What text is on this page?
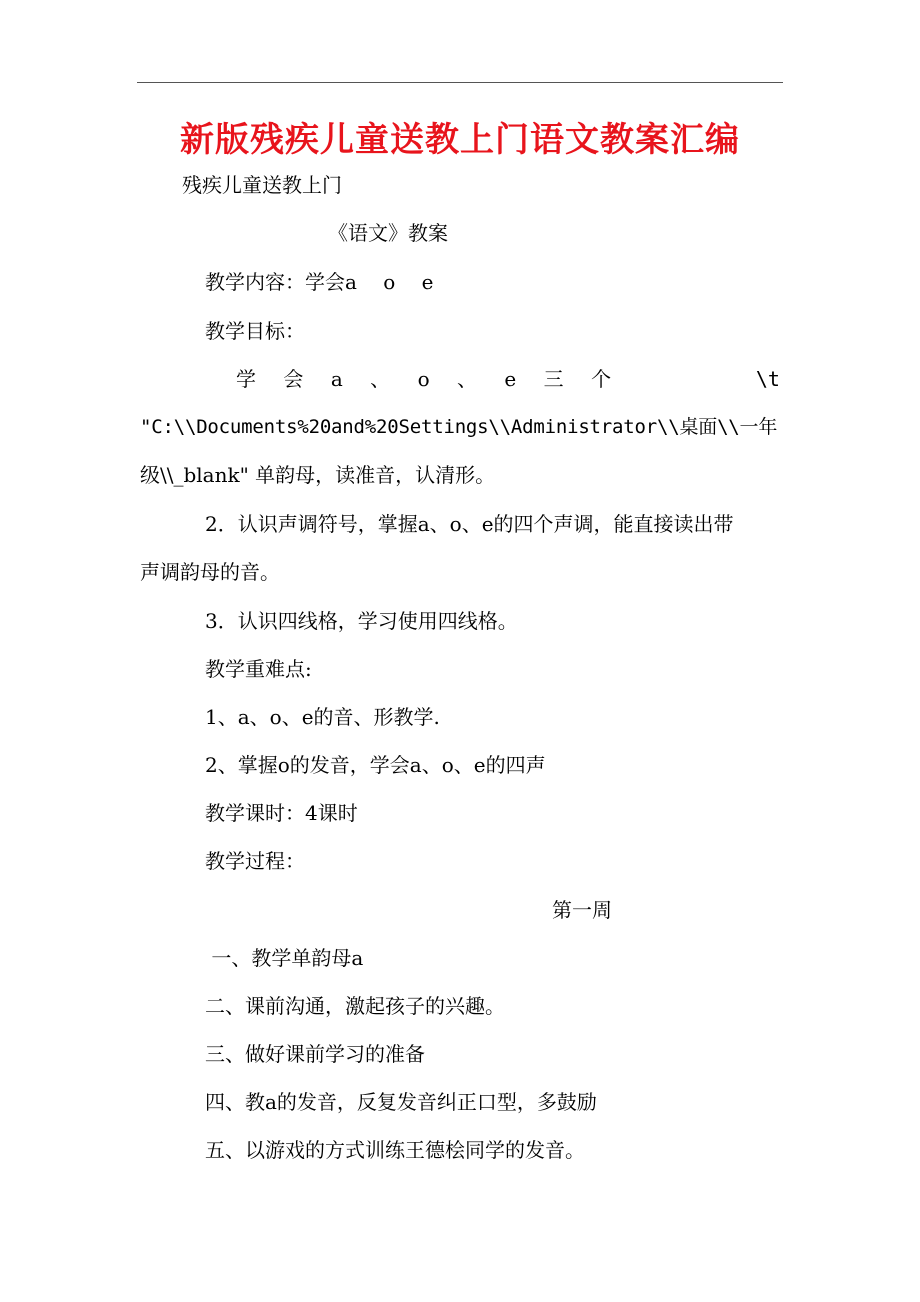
新版残疾儿童送教上门语文教案汇编
残疾儿童送教上门
《语文》教案
教学内容：学会a　 o　 e
教学目标：
学 会 a 、 o 、 e 三 个	\t
"C:\\Documents%20and%20Settings\\Administrator\\桌面\\一年
级\\_blank" 单韵母，读准音，认清形。
2．认识声调符号，掌握a、o、e的四个声调，能直接读出带
声调韵母的音。
3．认识四线格，学习使用四线格。
教学重难点:
1、a、o、e的音、形教学.
2、掌握o的发音，学会a、o、e的四声
教学课时：4课时
教学过程：
第一周
一、教学单韵母a
二、课前沟通，激起孩子的兴趣。
三、做好课前学习的准备
四、教a的发音，反复发音纠正口型，多鼓励
五、以游戏的方式训练王德桧同学的发音。
